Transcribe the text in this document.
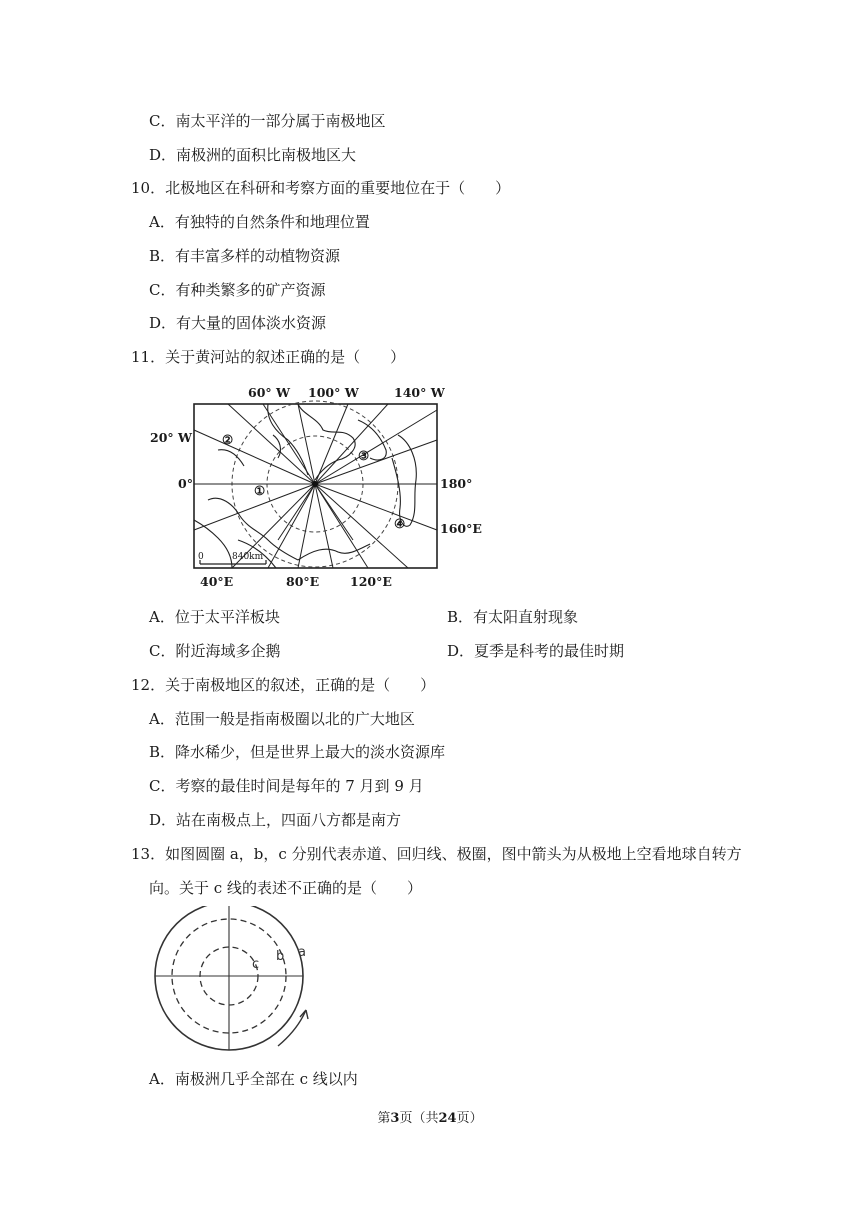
C．南太平洋的一部分属于南极地区
D．南极洲的面积比南极地区大
10．北极地区在科研和考察方面的重要地位在于（　　）
A．有独特的自然条件和地理位置
B．有丰富多样的动植物资源
C．有种类繁多的矿产资源
D．有大量的固体淡水资源
11．关于黄河站的叙述正确的是（　　）
①
②
③
④
60° W 100° W	140° W
20° W
0°	180°
160°E
40°E	80°E 120°E
0	840km
A．位于太平洋板块	B．有太阳直射现象
C．附近海域多企鹅	D．夏季是科考的最佳时期
12．关于南极地区的叙述，正确的是（　　）
A．范围一般是指南极圈以北的广大地区
B．降水稀少，但是世界上最大的淡水资源库
C．考察的最佳时间是每年的 7 月到 9 月
D．站在南极点上，四面八方都是南方
13．如图圆圈 a，b，c 分别代表赤道、回归线、极圈，图中箭头为从极地上空看地球自转方
向。关于 c 线的表述不正确的是（　　）
a
b
c
A．南极洲几乎全部在 c 线以内
第3页（共24页）
